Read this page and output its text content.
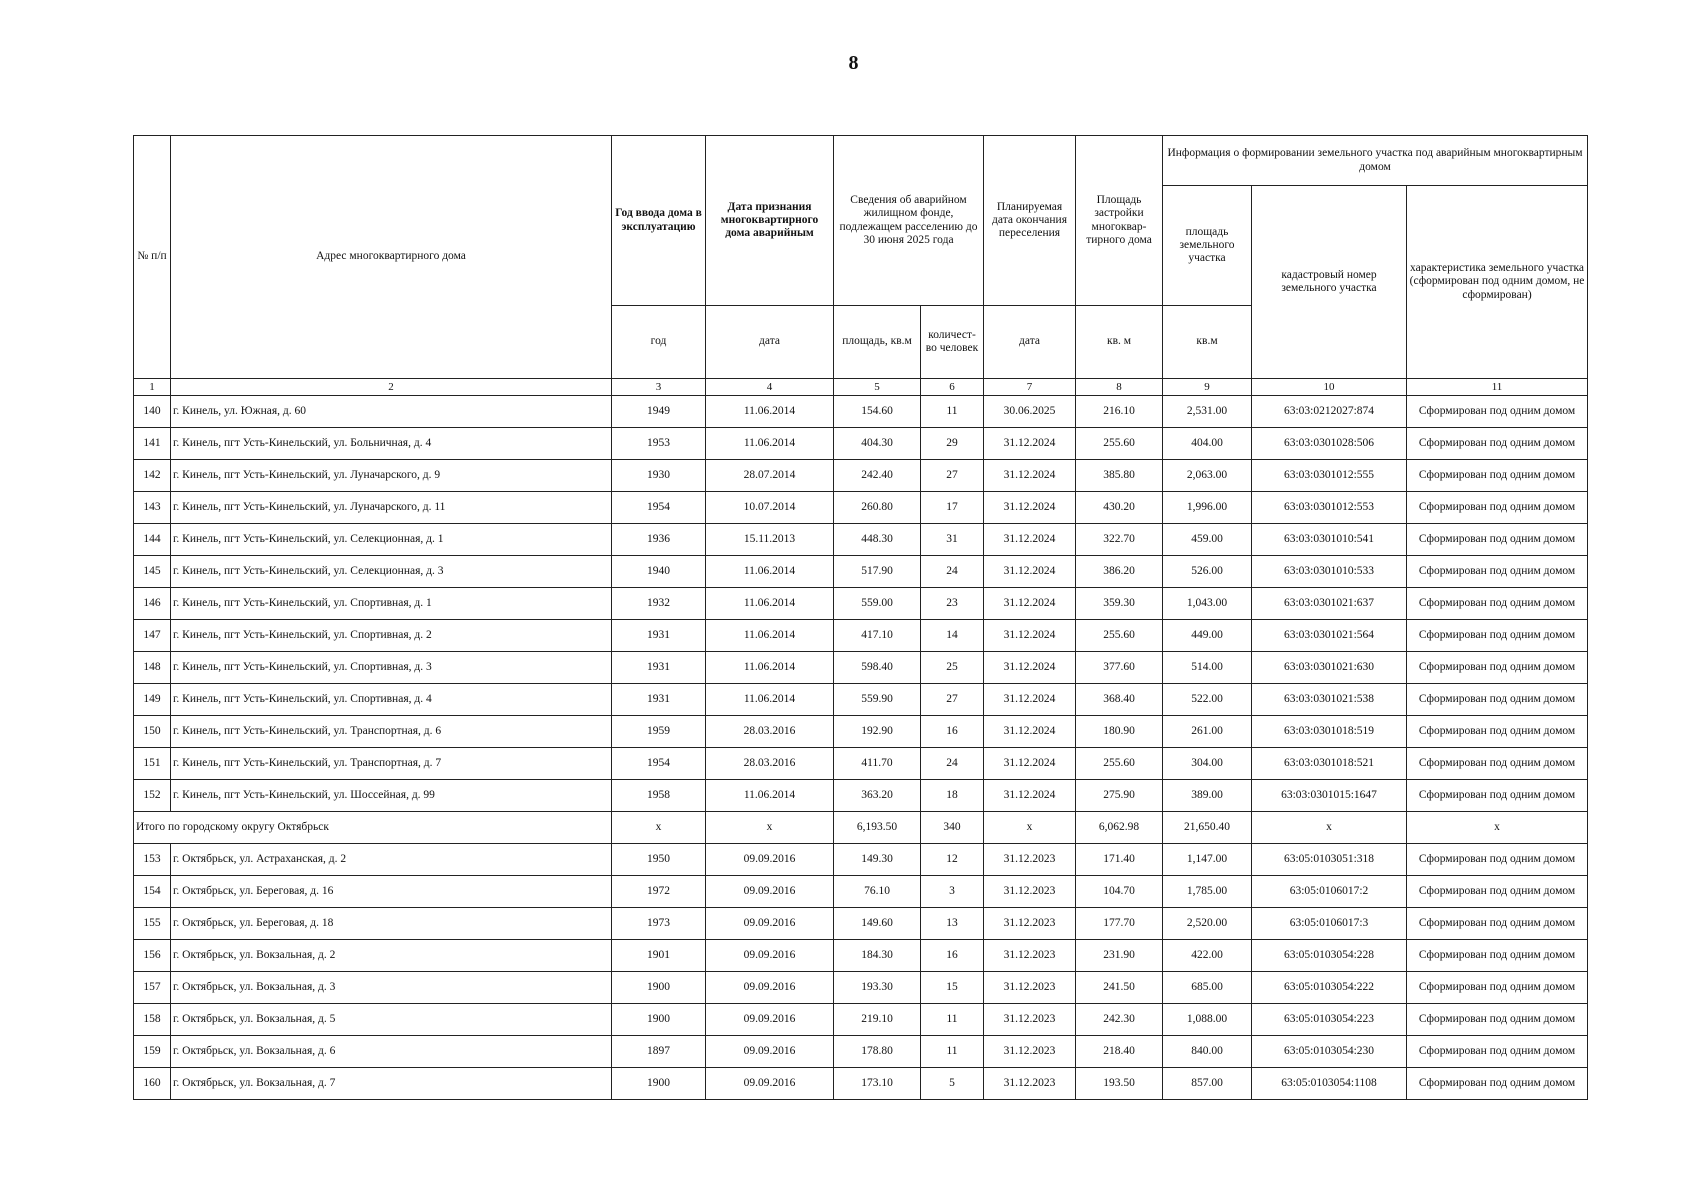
8
№ п/п	Адрес многоквартирного дома	Год ввода дома в эксплуатацию	Дата признания многоквартирного дома аварийным	Сведения об аварийном жилищном фонде, подлежащем расселению до 30 июня 2025 года		Планируемая дата окончания переселения	Площадь застройки многоквар-тирного дома	Информация о формировании земельного участка под аварийным многоквартирным домом		
								площадь земельного участка	кадастровый номер земельного участка	характеристика земельного участка (сформирован под одним домом, не сформирован)
		год	дата	площадь, кв.м	количест-во человек	дата	кв. м	кв.м		
1	2	3	4	5	6	7	8	9	10	11
140	г. Кинель, ул. Южная, д. 60	1949	11.06.2014	154.60	11	30.06.2025	216.10	2,531.00	63:03:0212027:874	Сформирован под одним домом
141	г. Кинель, пгт Усть-Кинельский, ул. Больничная, д. 4	1953	11.06.2014	404.30	29	31.12.2024	255.60	404.00	63:03:0301028:506	Сформирован под одним домом
142	г. Кинель, пгт Усть-Кинельский, ул. Луначарского, д. 9	1930	28.07.2014	242.40	27	31.12.2024	385.80	2,063.00	63:03:0301012:555	Сформирован под одним домом
143	г. Кинель, пгт Усть-Кинельский, ул. Луначарского, д. 11	1954	10.07.2014	260.80	17	31.12.2024	430.20	1,996.00	63:03:0301012:553	Сформирован под одним домом
144	г. Кинель, пгт Усть-Кинельский, ул. Селекционная, д. 1	1936	15.11.2013	448.30	31	31.12.2024	322.70	459.00	63:03:0301010:541	Сформирован под одним домом
145	г. Кинель, пгт Усть-Кинельский, ул. Селекционная, д. 3	1940	11.06.2014	517.90	24	31.12.2024	386.20	526.00	63:03:0301010:533	Сформирован под одним домом
146	г. Кинель, пгт Усть-Кинельский, ул. Спортивная, д. 1	1932	11.06.2014	559.00	23	31.12.2024	359.30	1,043.00	63:03:0301021:637	Сформирован под одним домом
147	г. Кинель, пгт Усть-Кинельский, ул. Спортивная, д. 2	1931	11.06.2014	417.10	14	31.12.2024	255.60	449.00	63:03:0301021:564	Сформирован под одним домом
148	г. Кинель, пгт Усть-Кинельский, ул. Спортивная, д. 3	1931	11.06.2014	598.40	25	31.12.2024	377.60	514.00	63:03:0301021:630	Сформирован под одним домом
149	г. Кинель, пгт Усть-Кинельский, ул. Спортивная, д. 4	1931	11.06.2014	559.90	27	31.12.2024	368.40	522.00	63:03:0301021:538	Сформирован под одним домом
150	г. Кинель, пгт Усть-Кинельский, ул. Транспортная, д. 6	1959	28.03.2016	192.90	16	31.12.2024	180.90	261.00	63:03:0301018:519	Сформирован под одним домом
151	г. Кинель, пгт Усть-Кинельский, ул. Транспортная, д. 7	1954	28.03.2016	411.70	24	31.12.2024	255.60	304.00	63:03:0301018:521	Сформирован под одним домом
152	г. Кинель, пгт Усть-Кинельский, ул. Шоссейная, д. 99	1958	11.06.2014	363.20	18	31.12.2024	275.90	389.00	63:03:0301015:1647	Сформирован под одним домом
Итого по городскому округу Октябрьск		x	x	6,193.50	340	x	6,062.98	21,650.40	x	x
153	г. Октябрьск, ул. Астраханская, д. 2	1950	09.09.2016	149.30	12	31.12.2023	171.40	1,147.00	63:05:0103051:318	Сформирован под одним домом
154	г. Октябрьск, ул. Береговая, д. 16	1972	09.09.2016	76.10	3	31.12.2023	104.70	1,785.00	63:05:0106017:2	Сформирован под одним домом
155	г. Октябрьск, ул. Береговая, д. 18	1973	09.09.2016	149.60	13	31.12.2023	177.70	2,520.00	63:05:0106017:3	Сформирован под одним домом
156	г. Октябрьск, ул. Вокзальная, д. 2	1901	09.09.2016	184.30	16	31.12.2023	231.90	422.00	63:05:0103054:228	Сформирован под одним домом
157	г. Октябрьск, ул. Вокзальная, д. 3	1900	09.09.2016	193.30	15	31.12.2023	241.50	685.00	63:05:0103054:222	Сформирован под одним домом
158	г. Октябрьск, ул. Вокзальная, д. 5	1900	09.09.2016	219.10	11	31.12.2023	242.30	1,088.00	63:05:0103054:223	Сформирован под одним домом
159	г. Октябрьск, ул. Вокзальная, д. 6	1897	09.09.2016	178.80	11	31.12.2023	218.40	840.00	63:05:0103054:230	Сформирован под одним домом
160	г. Октябрьск, ул. Вокзальная, д. 7	1900	09.09.2016	173.10	5	31.12.2023	193.50	857.00	63:05:0103054:1108	Сформирован под одним домом
